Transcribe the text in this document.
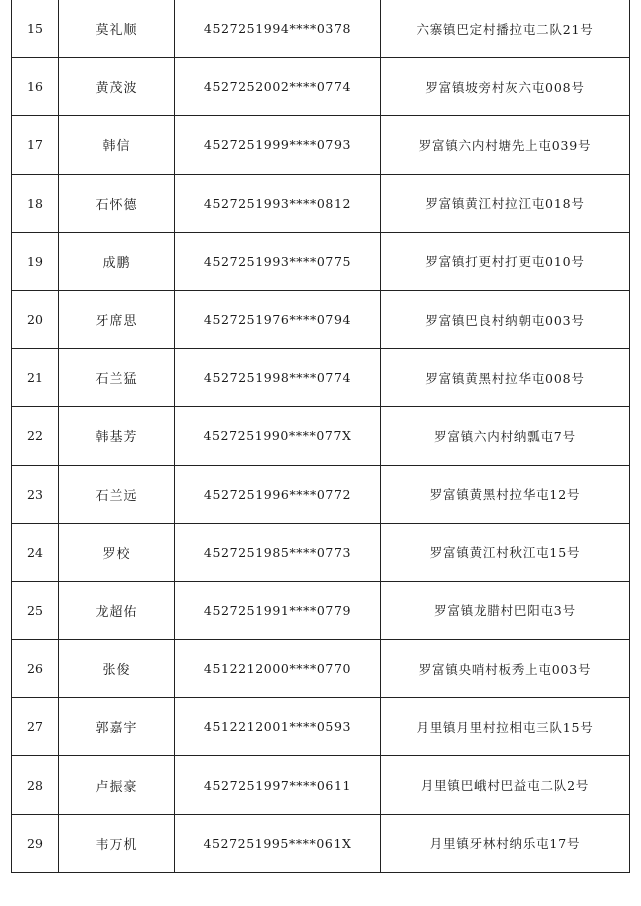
15	莫礼顺	4527251994****0378	六寨镇巴定村播拉屯二队21号
16	黄茂波	4527252002****0774	罗富镇坡旁村灰六屯008号
17	韩信	4527251999****0793	罗富镇六内村塘先上屯039号
18	石怀德	4527251993****0812	罗富镇黄江村拉江屯018号
19	成鹏	4527251993****0775	罗富镇打更村打更屯010号
20	牙席思	4527251976****0794	罗富镇巴良村纳朝屯003号
21	石兰猛	4527251998****0774	罗富镇黄黑村拉华屯008号
22	韩基芳	4527251990****077X	罗富镇六内村纳瓢屯7号
23	石兰远	4527251996****0772	罗富镇黄黑村拉华屯12号
24	罗校	4527251985****0773	罗富镇黄江村秋江屯15号
25	龙超佑	4527251991****0779	罗富镇龙腊村巴阳屯3号
26	张俊	4512212000****0770	罗富镇央哨村板秀上屯003号
27	郭嘉宇	4512212001****0593	月里镇月里村拉相屯三队15号
28	卢振豪	4527251997****0611	月里镇巴峨村巴益屯二队2号
29	韦万机	4527251995****061X	月里镇牙林村纳乐屯17号
